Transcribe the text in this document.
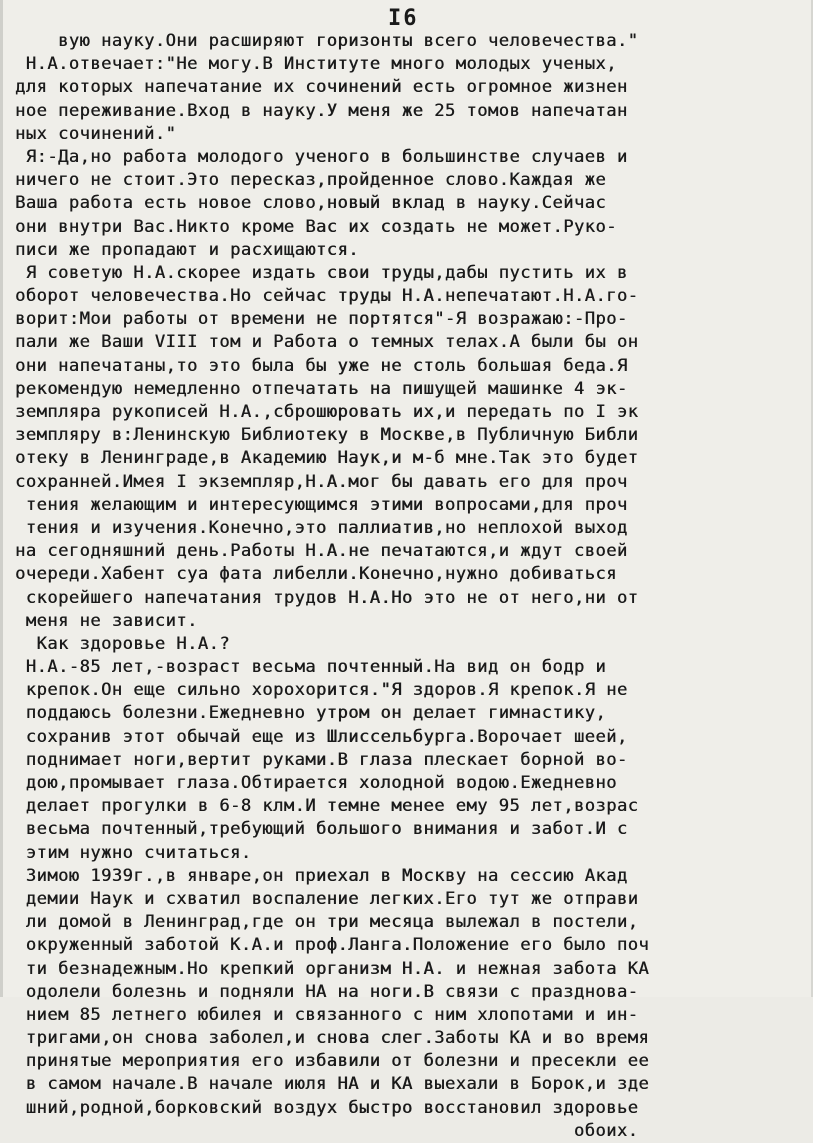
I6
вую науку.Они расширяют горизонты всего человечества."
Н.А.отвечает:"Не могу.В Институте много молодых ученых,
для которых напечатание их сочинений есть огромное жизнен
ное переживание.Вход в науку.У меня же 25 томов напечатан
ных сочинений."
Я:-Да,но работа молодого ученого в большинстве случаев и
ничего не стоит.Это пересказ,пройденное слово.Каждая же
Ваша работа есть новое слово,новый вклад в науку.Сейчас
они внутри Вас.Никто кроме Вас их создать не может.Руко-
писи же пропадают и расхищаются.
Я советую Н.А.скорее издать свои труды,дабы пустить их в
оборот человечества.Но сейчас труды Н.А.непечатают.Н.А.го-
ворит:Мои работы от времени не портятся"-Я возражаю:-Про-
пали же Ваши VIII том и Работа о темных телах.А были бы он
они напечатаны,то это была бы уже не столь большая беда.Я
рекомендую немедленно отпечатать на пишущей машинке 4 эк-
земпляра рукописей Н.А.,сброшюровать их,и передать по I эк
земпляру в:Ленинскую Библиотеку в Москве,в Публичную Библи
отеку в Ленинграде,в Академию Наук,и м-б мне.Так это будет
сохранней.Имея I экземпляр,Н.А.мог бы давать его для проч
тения желающим и интересующимся этими вопросами,для проч
тения и изучения.Конечно,это паллиатив,но неплохой выход
на сегодняшний день.Работы Н.А.не печатаются,и ждут своей
очереди.Хабент суа фата либелли.Конечно,нужно добиваться
скорейшего напечатания трудов Н.А.Но это не от него,ни от
меня не зависит.
Как здоровье Н.А.?
Н.А.-85 лет,-возраст весьма почтенный.На вид он бодр и
крепок.Он еще сильно хорохорится."Я здоров.Я крепок.Я не
поддаюсь болезни.Ежедневно утром он делает гимнастику,
сохранив этот обычай еще из Шлиссельбурга.Ворочает шеей,
поднимает ноги,вертит руками.В глаза плескает борной во-
дою,промывает глаза.Обтирается холодной водою.Ежедневно
делает прогулки в 6-8 клм.И темне менее ему 95 лет,возрас
весьма почтенный,требующий большого внимания и забот.И с
этим нужно считаться.
Зимою 1939г.,в январе,он приехал в Москву на сессию Акад
демии Наук и схватил воспаление легких.Его тут же отправи
ли домой в Ленинград,где он три месяца вылежал в постели,
окруженный заботой К.А.и проф.Ланга.Положение его было поч
ти безнадежным.Но крепкий организм Н.А. и нежная забота КА
одолели болезнь и подняли НА на ноги.В связи с празднова-
нием 85 летнего юбилея и связанного с ним хлопотами и ин-
тригами,он снова заболел,и снова слег.Заботы КА и во время
принятые мероприятия его избавили от болезни и пресекли ее
в самом начале.В начале июля НА и КА выехали в Борок,и зде
шний,родной,борковский воздух быстро восстановил здоровье
обоих.
